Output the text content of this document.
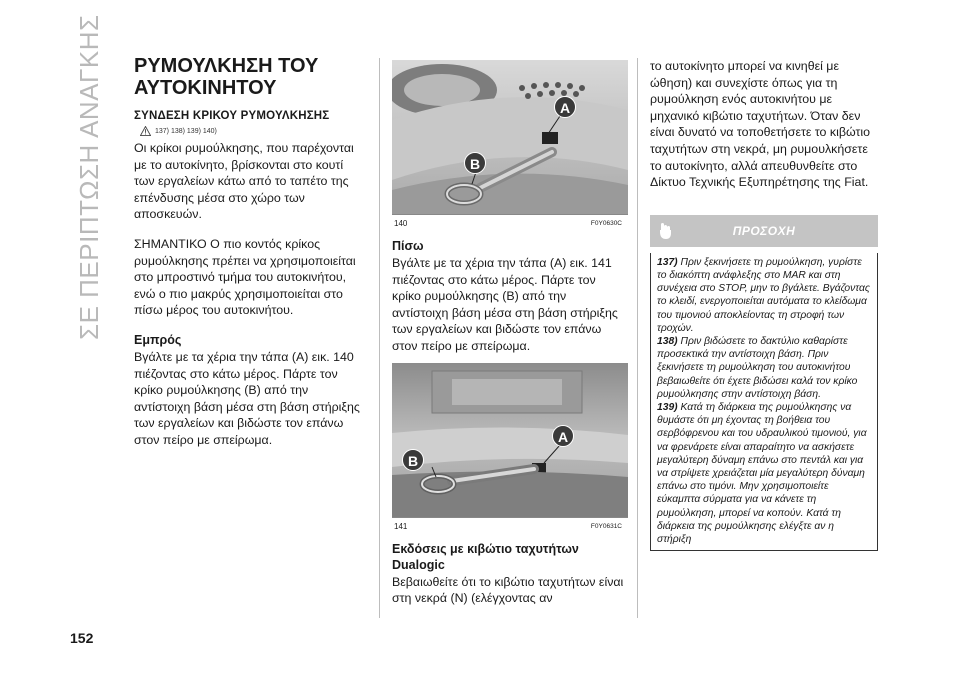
ΣΕ ΠΕΡΙΠΤΩΣΗ ΑΝΑΓΚΗΣ
152
ΡΥΜΟΥΛΚΗΣΗ ΤΟΥ ΑΥΤΟΚΙΝΗΤΟΥ
ΣΥΝΔΕΣΗ ΚΡΙΚΟΥ ΡΥΜΟΥΛΚΗΣΗΣ
137) 138) 139) 140)

Οι κρίκοι ρυμούλκησης, που παρέχονται με το αυτοκίνητο, βρίσκονται στο κουτί των εργαλείων κάτω από το ταπέτο της επένδυσης μέσα στο χώρο των αποσκευών.

ΣΗΜΑΝΤΙΚΟ Ο πιο κοντός κρίκος ρυμούλκησης πρέπει να χρησιμοποιείται στο μπροστινό τμήμα του αυτοκινήτου, ενώ ο πιο μακρύς χρησιμοποιείται στο πίσω μέρος του αυτοκινήτου.

Εμπρός

Βγάλτε με τα χέρια την τάπα (A) εικ. 140 πιέζοντας στο κάτω μέρος. Πάρτε τον κρίκο ρυμούλκησης (B) από την αντίστοιχη βάση μέσα στη βάση στήριξης των εργαλείων και βιδώστε τον επάνω στον πείρο με σπείρωμα.

A
B
140	F0Y0630C
Πίσω

Βγάλτε με τα χέρια την τάπα (A) εικ. 141 πιέζοντας στο κάτω μέρος. Πάρτε τον κρίκο ρυμούλκησης (B) από την αντίστοιχη βάση μέσα στη βάση στήριξης των εργαλείων και βιδώστε τον επάνω στον πείρο με σπείρωμα.

A
B
141	F0Y0631C
Εκδόσεις με κιβώτιο ταχυτήτων Dualogic

Βεβαιωθείτε ότι το κιβώτιο ταχυτήτων είναι στη νεκρά (N) (ελέγχοντας αν

το αυτοκίνητο μπορεί να κινηθεί με ώθηση) και συνεχίστε όπως για τη ρυμούλκηση ενός αυτοκινήτου με μηχανικό κιβώτιο ταχυτήτων. Όταν δεν είναι δυνατό να τοποθετήσετε το κιβώτιο ταχυτήτων στη νεκρά, μη ρυμουλκήσετε το αυτοκίνητο, αλλά απευθυνθείτε στο Δίκτυο Τεχνικής Εξυπηρέτησης της Fiat.

ΠΡΟΣΟΧΗ
137) Πριν ξεκινήσετε τη ρυμούλκηση, γυρίστε το διακόπτη ανάφλεξης στο MAR και στη συνέχεια στο STOP, μην το βγάλετε. Βγάζοντας το κλειδί, ενεργοποιείται αυτόματα το κλείδωμα του τιμονιού αποκλείοντας τη στροφή των τροχών.
138) Πριν βιδώσετε το δακτύλιο καθαρίστε προσεκτικά την αντίστοιχη βάση. Πριν ξεκινήσετε τη ρυμούλκηση του αυτοκινήτου βεβαιωθείτε ότι έχετε βιδώσει καλά τον κρίκο ρυμούλκησης στην αντίστοιχη βάση.
139) Κατά τη διάρκεια της ρυμούλκησης να θυμάστε ότι μη έχοντας τη βοήθεια του σερβόφρενου και του υδραυλικού τιμονιού, για να φρενάρετε είναι απαραίτητο να ασκήσετε μεγαλύτερη δύναμη επάνω στο πεντάλ και για να στρίψετε χρειάζεται μία μεγαλύτερη δύναμη επάνω στο τιμόνι. Μην χρησιμοποιείτε εύκαμπτα σύρματα για να κάνετε τη ρυμούλκηση, μπορεί να κοπούν. Κατά τη διάρκεια της ρυμούλκησης ελέγξτε αν η στήριξη
